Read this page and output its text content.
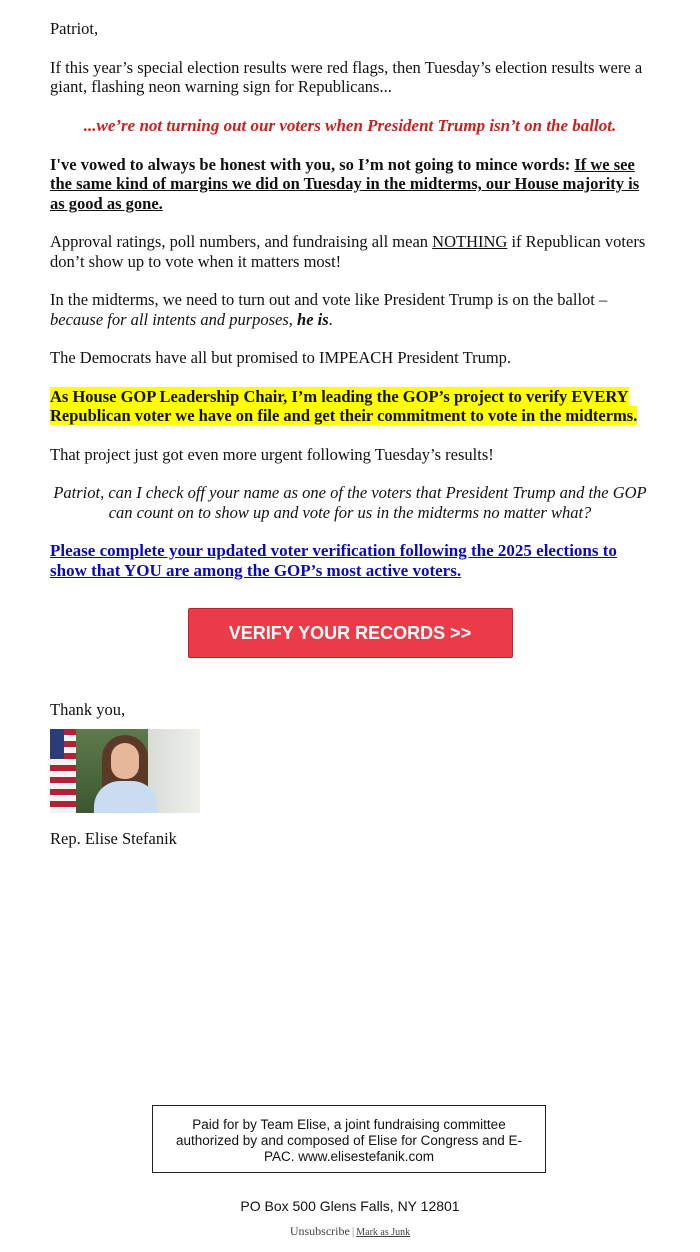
Patriot,

If this year’s special election results were red flags, then Tuesday’s election results were a giant, flashing neon warning sign for Republicans...

...we’re not turning out our voters when President Trump isn’t on the ballot.

I've vowed to always be honest with you, so I’m not going to mince words: If we see the same kind of margins we did on Tuesday in the midterms, our House majority is as good as gone.

Approval ratings, poll numbers, and fundraising all mean NOTHING if Republican voters don’t show up to vote when it matters most!

In the midterms, we need to turn out and vote like President Trump is on the ballot – because for all intents and purposes, he is.

The Democrats have all but promised to IMPEACH President Trump.

As House GOP Leadership Chair, I’m leading the GOP’s project to verify EVERY Republican voter we have on file and get their commitment to vote in the midterms.

That project just got even more urgent following Tuesday’s results!

Patriot, can I check off your name as one of the voters that President Trump and the GOP can count on to show up and vote for us in the midterms no matter what?

Please complete your updated voter verification following the 2025 elections to show that YOU are among the GOP’s most active voters.

VERIFY YOUR RECORDS >>

Thank you,

Rep. Elise Stefanik

Paid for by Team Elise, a joint fundraising committee authorized by and composed of Elise for Congress and E-PAC. www.elisestefanik.com
PO Box 500 Glens Falls, NY 12801
Unsubscribe | Mark as Junk
